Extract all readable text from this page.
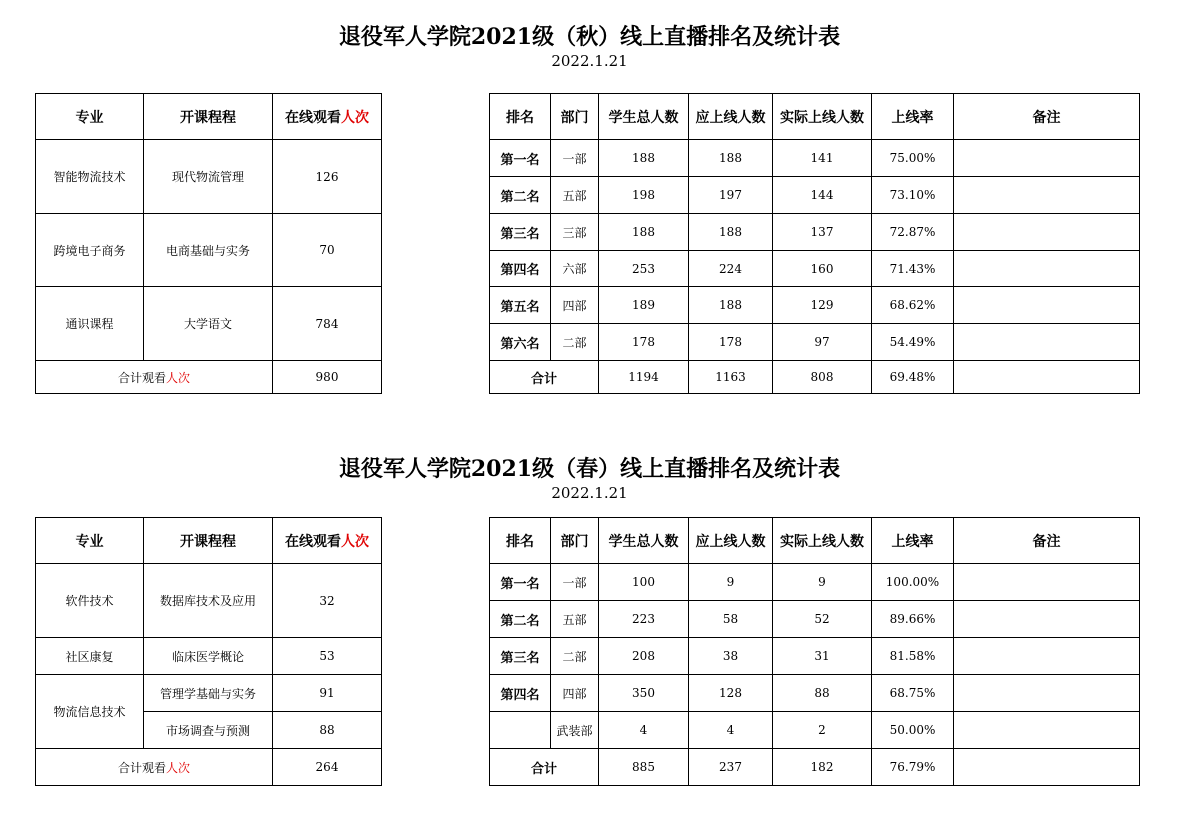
退役军人学院2021级（秋）线上直播排名及统计表
2022.1.21
专业	开课程程	在线观看人次	
智能物流技术	现代物流管理	126	
跨境电子商务	电商基础与实务	70	
通识课程	大学语文	784	
合计观看人次		980	
排名	部门	学生总人数	应上线人数	实际上线人数	上线率	备注
第一名	一部	188	188	141	75.00%	
第二名	五部	198	197	144	73.10%	
第三名	三部	188	188	137	72.87%	
第四名	六部	253	224	160	71.43%	
第五名	四部	189	188	129	68.62%	
第六名	二部	178	178	97	54.49%	
合计		1194	1163	808	69.48%	
退役军人学院2021级（春）线上直播排名及统计表
2022.1.21
专业	开课程程	在线观看人次	
软件技术	数据库技术及应用	32	
社区康复	临床医学概论	53	
物流信息技术	管理学基础与实务	91	
	市场调查与预测	88	
合计观看人次		264	
排名	部门	学生总人数	应上线人数	实际上线人数	上线率	备注
第一名	一部	100	9	9	100.00%	
第二名	五部	223	58	52	89.66%	
第三名	二部	208	38	31	81.58%	
第四名	四部	350	128	88	68.75%	
	武装部	4	4	2	50.00%	
合计		885	237	182	76.79%	
